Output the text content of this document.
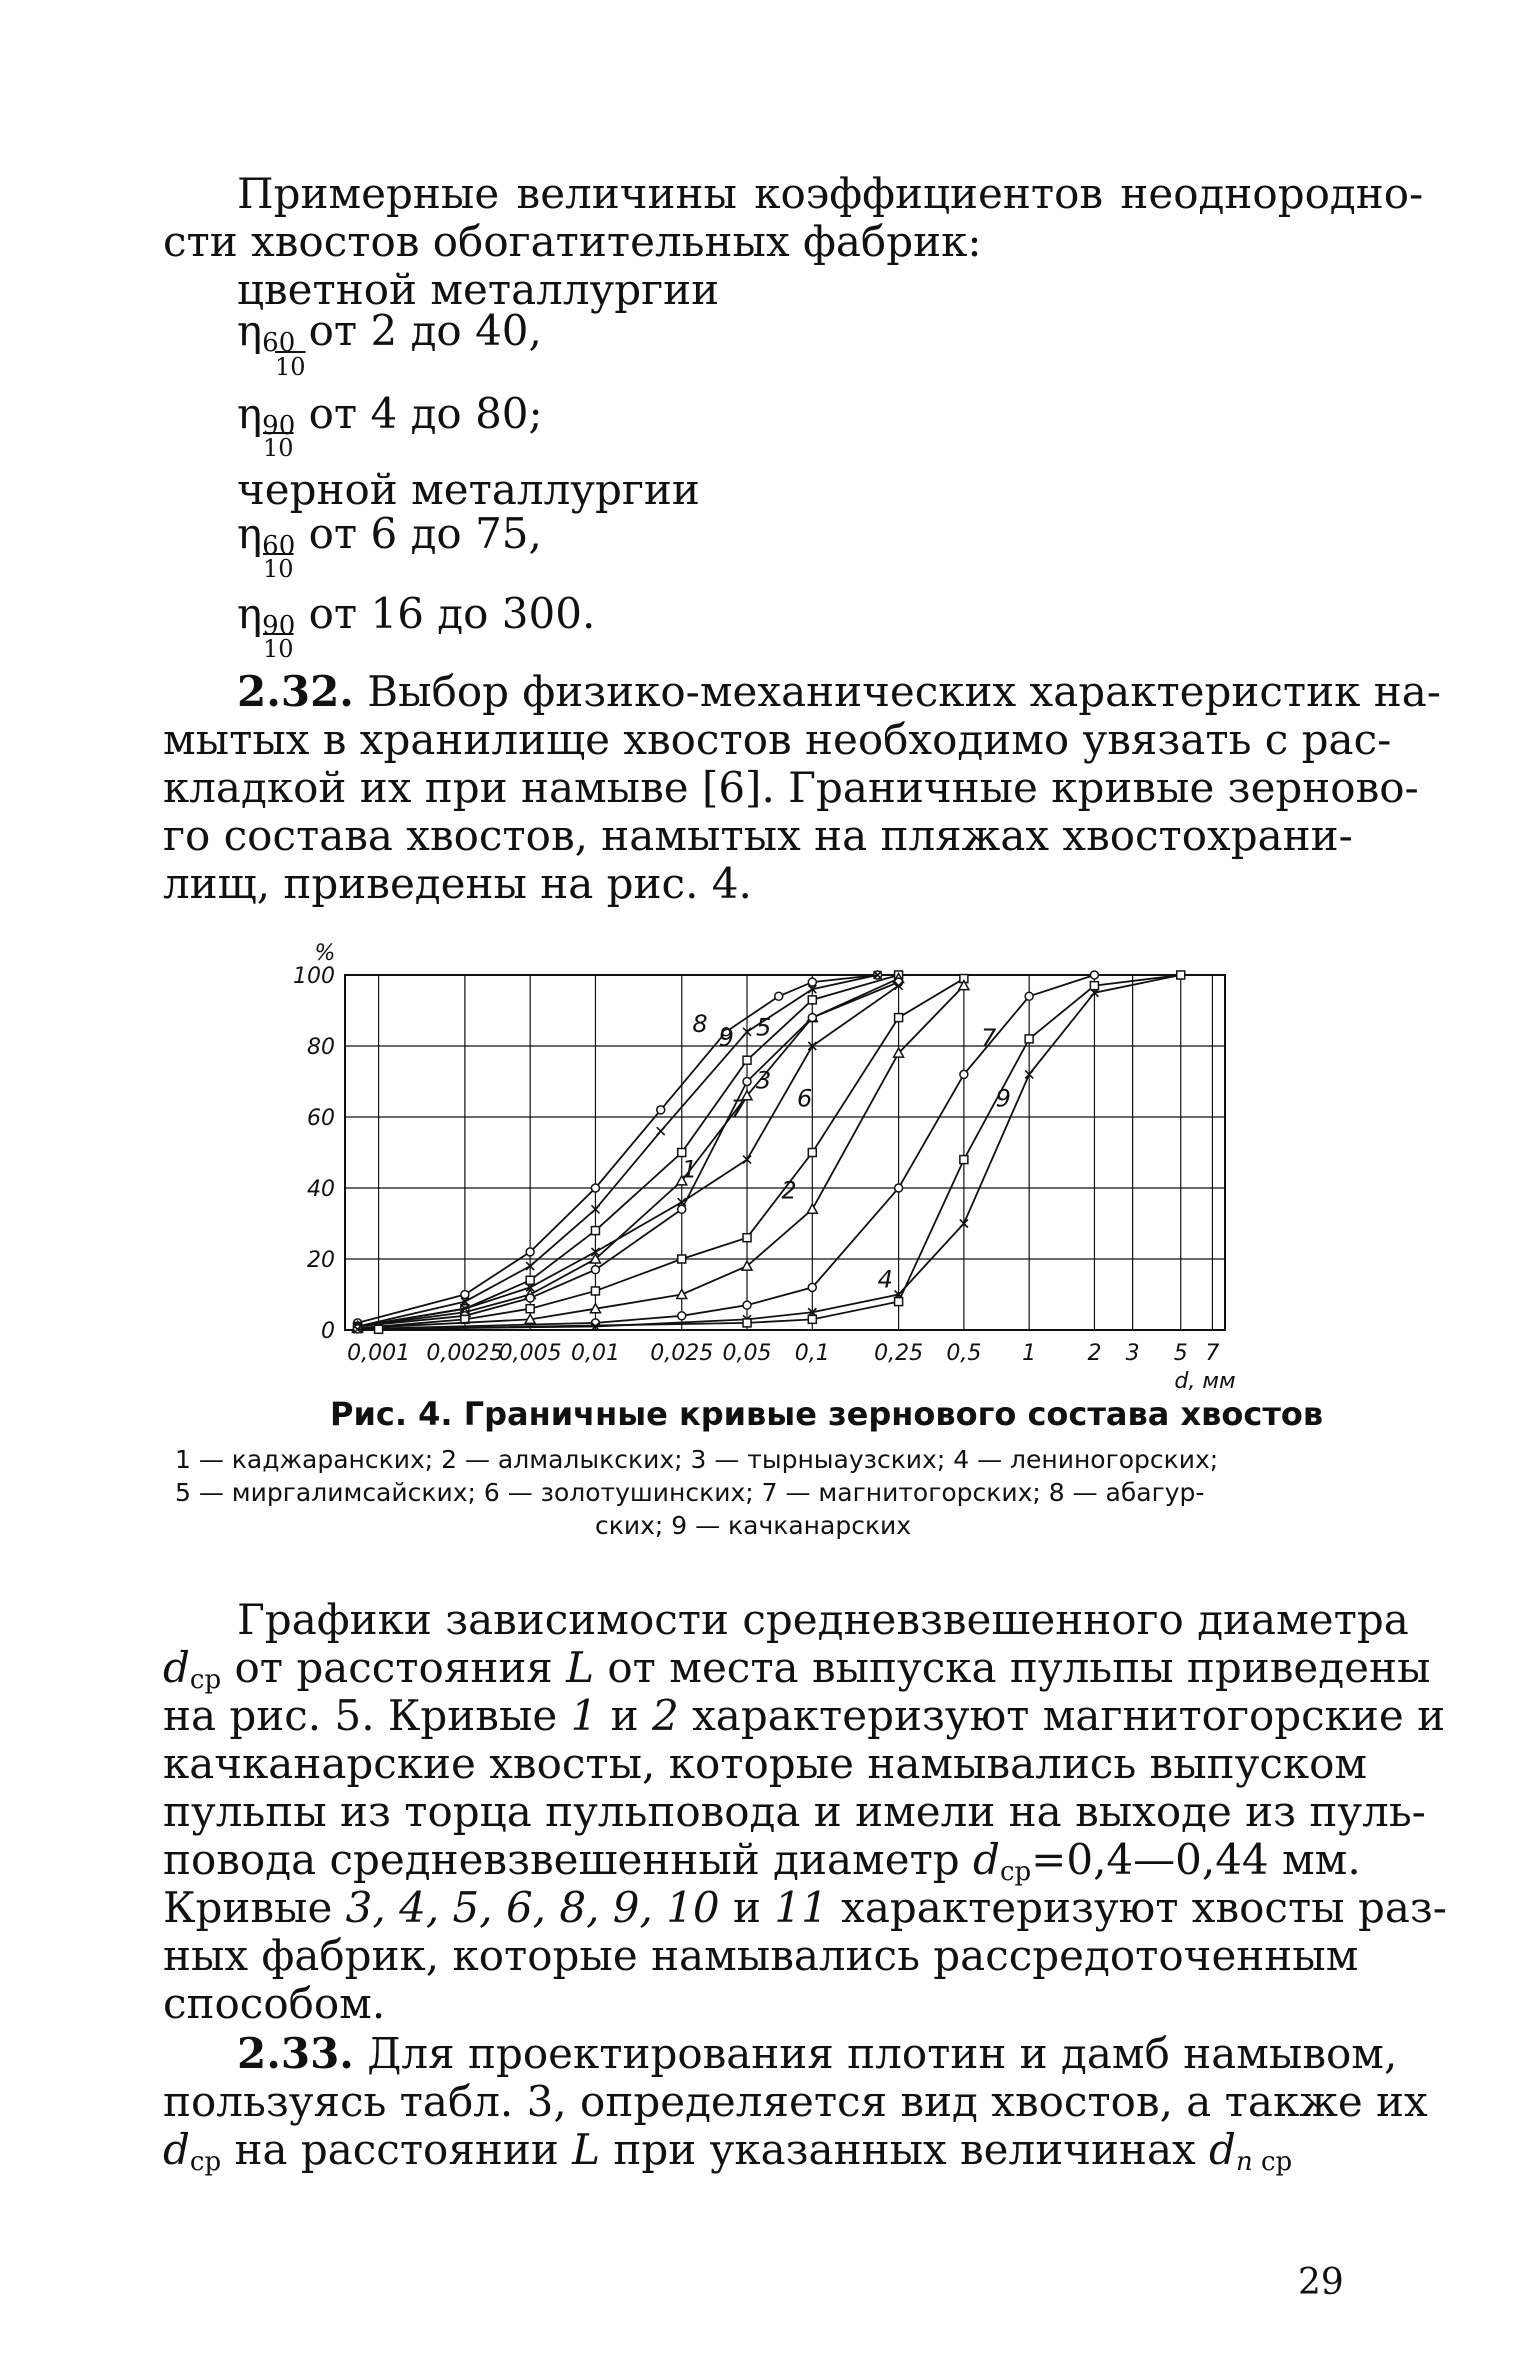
Примерные величины коэффициентов неоднородно-
сти хвостов обогатительных фабрик:
цветной металлургии
$\eta_{60}$ от 2 до 40,
10
$\eta_{90}$ от 4 до 80;
10
черной металлургии
$\eta_{60}$ от 6 до 75,
10
$\eta_{90}$ от 16 до 300.
10
2.32. Выбор физико-механических характеристик на-
мытых в хранилище хвостов необходимо увязать с рас-
кладкой их при намыве [6]. Граничные кривые зерново-
го состава хвостов, намытых на пляжах хвостохрани-
лищ, приведены на рис. 4.
0
20
40
60
80
100
%
0,001 0,0025
0,005 0,01 0,025 0,05 0,1 0,25 0,5 1 2 3 5 7
d, мм
8
9 5
7
3
1
2
6
4
9
7
Рис. 4. Граничные кривые зернового состава хвостов
1 — каджаранских; 2 — алмалыкских; 3 — тырныаузских; 4 — лениногорских;
5 — миргалимсайских; 6 — золотушинских; 7 — магнитогорских; 8 — абагур-
ских; 9 — качканарских
Графики зависимости средневзвешенного диаметра
$d_{ср}$ от расстояния L от места выпуска пульпы приведены
на рис. 5. Кривые 1 и 2 характеризуют магнитогорские и
качканарские хвосты, которые намывались выпуском
пульпы из торца пульповода и имели на выходе из пуль-
повода средневзвешенный диаметр $d_{ср}=0,4—0,44$ мм.
Кривые 3, 4, 5, 6, 8, 9, 10 и 11 характеризуют хвосты раз-
ных фабрик, которые намывались рассредоточенным
способом.
2.33. Для проектирования плотин и дамб намывом,
пользуясь табл. 3, определяется вид хвостов, а также их
$d_{ср}$ на расстоянии L при указанных величинах $d_n$ $_{ср}$
29
